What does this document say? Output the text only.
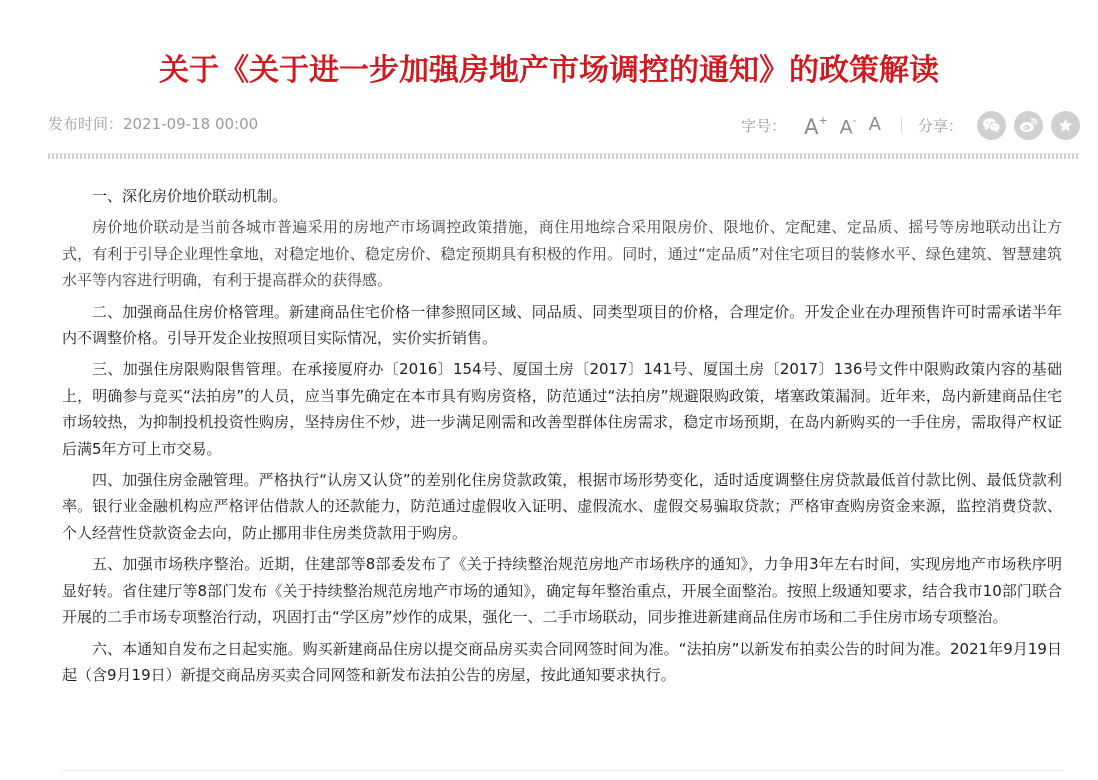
关于《关于进一步加强房地产市场调控的通知》的政策解读
发布时间：2021-09-18 00:00	字号： A+ A- A 分享：

一、深化房价地价联动机制。

房价地价联动是当前各城市普遍采用的房地产市场调控政策措施，商住用地综合采用限房价、限地价、定配建、定品质、摇号等房地联动出让方式，有利于引导企业理性拿地，对稳定地价、稳定房价、稳定预期具有积极的作用。同时，通过“定品质”对住宅项目的装修水平、绿色建筑、智慧建筑水平等内容进行明确，有利于提高群众的获得感。

二、加强商品住房价格管理。新建商品住宅价格一律参照同区域、同品质、同类型项目的价格，合理定价。开发企业在办理预售许可时需承诺半年内不调整价格。引导开发企业按照项目实际情况，实价实折销售。

三、加强住房限购限售管理。在承接厦府办〔2016〕154号、厦国土房〔2017〕141号、厦国土房〔2017〕136号文件中限购政策内容的基础上，明确参与竞买“法拍房”的人员，应当事先确定在本市具有购房资格，防范通过“法拍房”规避限购政策，堵塞政策漏洞。近年来，岛内新建商品住宅市场较热，为抑制投机投资性购房，坚持房住不炒，进一步满足刚需和改善型群体住房需求，稳定市场预期，在岛内新购买的一手住房，需取得产权证后满5年方可上市交易。

四、加强住房金融管理。严格执行“认房又认贷”的差别化住房贷款政策，根据市场形势变化，适时适度调整住房贷款最低首付款比例、最低贷款利率。银行业金融机构应严格评估借款人的还款能力，防范通过虚假收入证明、虚假流水、虚假交易骗取贷款；严格审查购房资金来源，监控消费贷款、个人经营性贷款资金去向，防止挪用非住房类贷款用于购房。

五、加强市场秩序整治。近期，住建部等8部委发布了《关于持续整治规范房地产市场秩序的通知》，力争用3年左右时间，实现房地产市场秩序明显好转。省住建厅等8部门发布《关于持续整治规范房地产市场的通知》，确定每年整治重点，开展全面整治。按照上级通知要求，结合我市10部门联合开展的二手市场专项整治行动，巩固打击“学区房”炒作的成果，强化一、二手市场联动，同步推进新建商品住房市场和二手住房市场专项整治。

六、本通知自发布之日起实施。购买新建商品住房以提交商品房买卖合同网签时间为准。“法拍房”以新发布拍卖公告的时间为准。2021年9月19日起（含9月19日）新提交商品房买卖合同网签和新发布法拍公告的房屋，按此通知要求执行。
